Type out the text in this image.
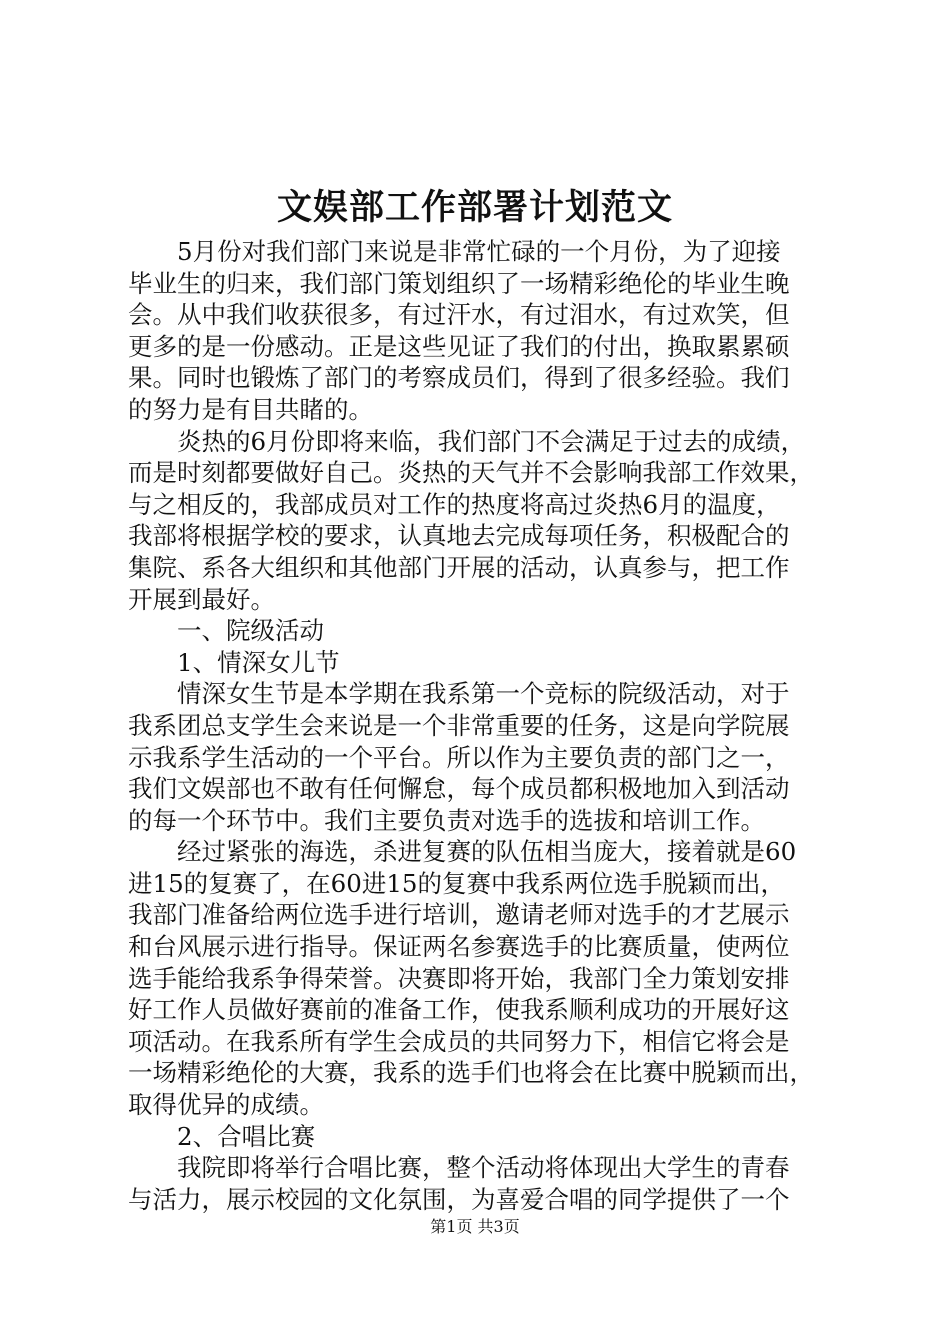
文娱部工作部署计划范文

5月份对我们部门来说是非常忙碌的一个月份，为了迎接
毕业生的归来，我们部门策划组织了一场精彩绝伦的毕业生晚
会。从中我们收获很多，有过汗水，有过泪水，有过欢笑，但
更多的是一份感动。正是这些见证了我们的付出，换取累累硕
果。同时也锻炼了部门的考察成员们，得到了很多经验。我们
的努力是有目共睹的。

炎热的6月份即将来临，我们部门不会满足于过去的成绩，
而是时刻都要做好自己。炎热的天气并不会影响我部工作效果，
与之相反的，我部成员对工作的热度将高过炎热6月的温度，
我部将根据学校的要求，认真地去完成每项任务，积极配合的
集院、系各大组织和其他部门开展的活动，认真参与，把工作
开展到最好。

一、院级活动

1、情深女儿节

情深女生节是本学期在我系第一个竞标的院级活动，对于
我系团总支学生会来说是一个非常重要的任务，这是向学院展
示我系学生活动的一个平台。所以作为主要负责的部门之一，
我们文娱部也不敢有任何懈怠，每个成员都积极地加入到活动
的每一个环节中。我们主要负责对选手的选拔和培训工作。

经过紧张的海选，杀进复赛的队伍相当庞大，接着就是60
进15的复赛了，在60进15的复赛中我系两位选手脱颖而出，
我部门准备给两位选手进行培训，邀请老师对选手的才艺展示
和台风展示进行指导。保证两名参赛选手的比赛质量，使两位
选手能给我系争得荣誉。决赛即将开始，我部门全力策划安排
好工作人员做好赛前的准备工作，使我系顺利成功的开展好这
项活动。在我系所有学生会成员的共同努力下，相信它将会是
一场精彩绝伦的大赛，我系的选手们也将会在比赛中脱颖而出，
取得优异的成绩。

2、合唱比赛

我院即将举行合唱比赛，整个活动将体现出大学生的青春
与活力，展示校园的文化氛围，为喜爱合唱的同学提供了一个

第1页 共3页
